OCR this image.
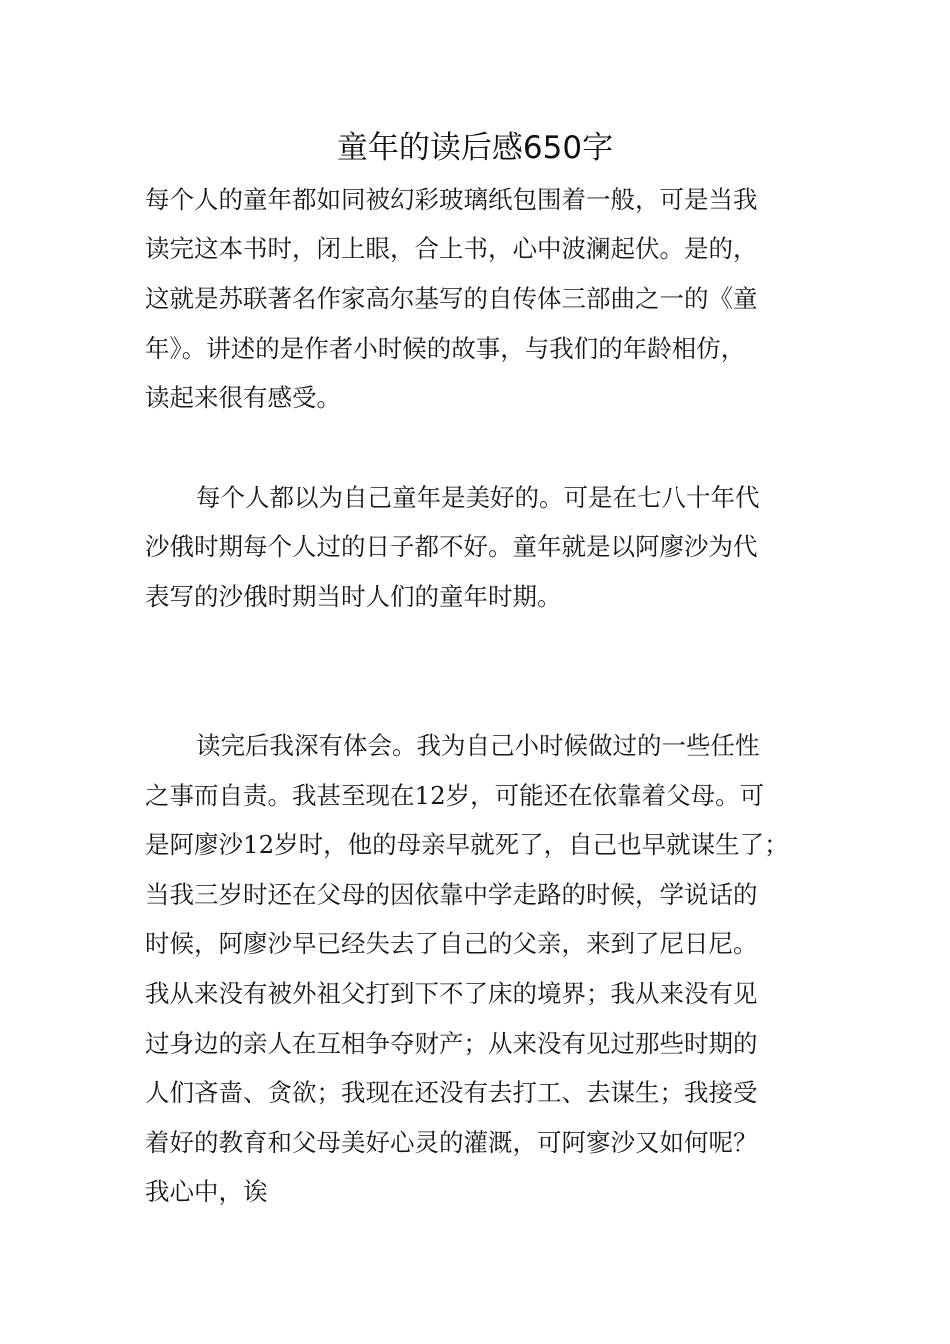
童年的读后感650字
每个人的童年都如同被幻彩玻璃纸包围着一般，可是当我
读完这本书时，闭上眼，合上书，心中波澜起伏。是的，
这就是苏联著名作家高尔基写的自传体三部曲之一的《童
年》。讲述的是作者小时候的故事，与我们的年龄相仿，
读起来很有感受。
每个人都以为自己童年是美好的。可是在七八十年代
沙俄时期每个人过的日子都不好。童年就是以阿廖沙为代
表写的沙俄时期当时人们的童年时期。
读完后我深有体会。我为自己小时候做过的一些任性
之事而自责。我甚至现在12岁，可能还在依靠着父母。可
是阿廖沙12岁时，他的母亲早就死了，自己也早就谋生了；
当我三岁时还在父母的因依靠中学走路的时候，学说话的
时候，阿廖沙早已经失去了自己的父亲，来到了尼日尼。
我从来没有被外祖父打到下不了床的境界；我从来没有见
过身边的亲人在互相争夺财产；从来没有见过那些时期的
人们吝啬、贪欲；我现在还没有去打工、去谋生；我接受
着好的教育和父母美好心灵的灌溉，可阿寥沙又如何呢？
我心中，诶
